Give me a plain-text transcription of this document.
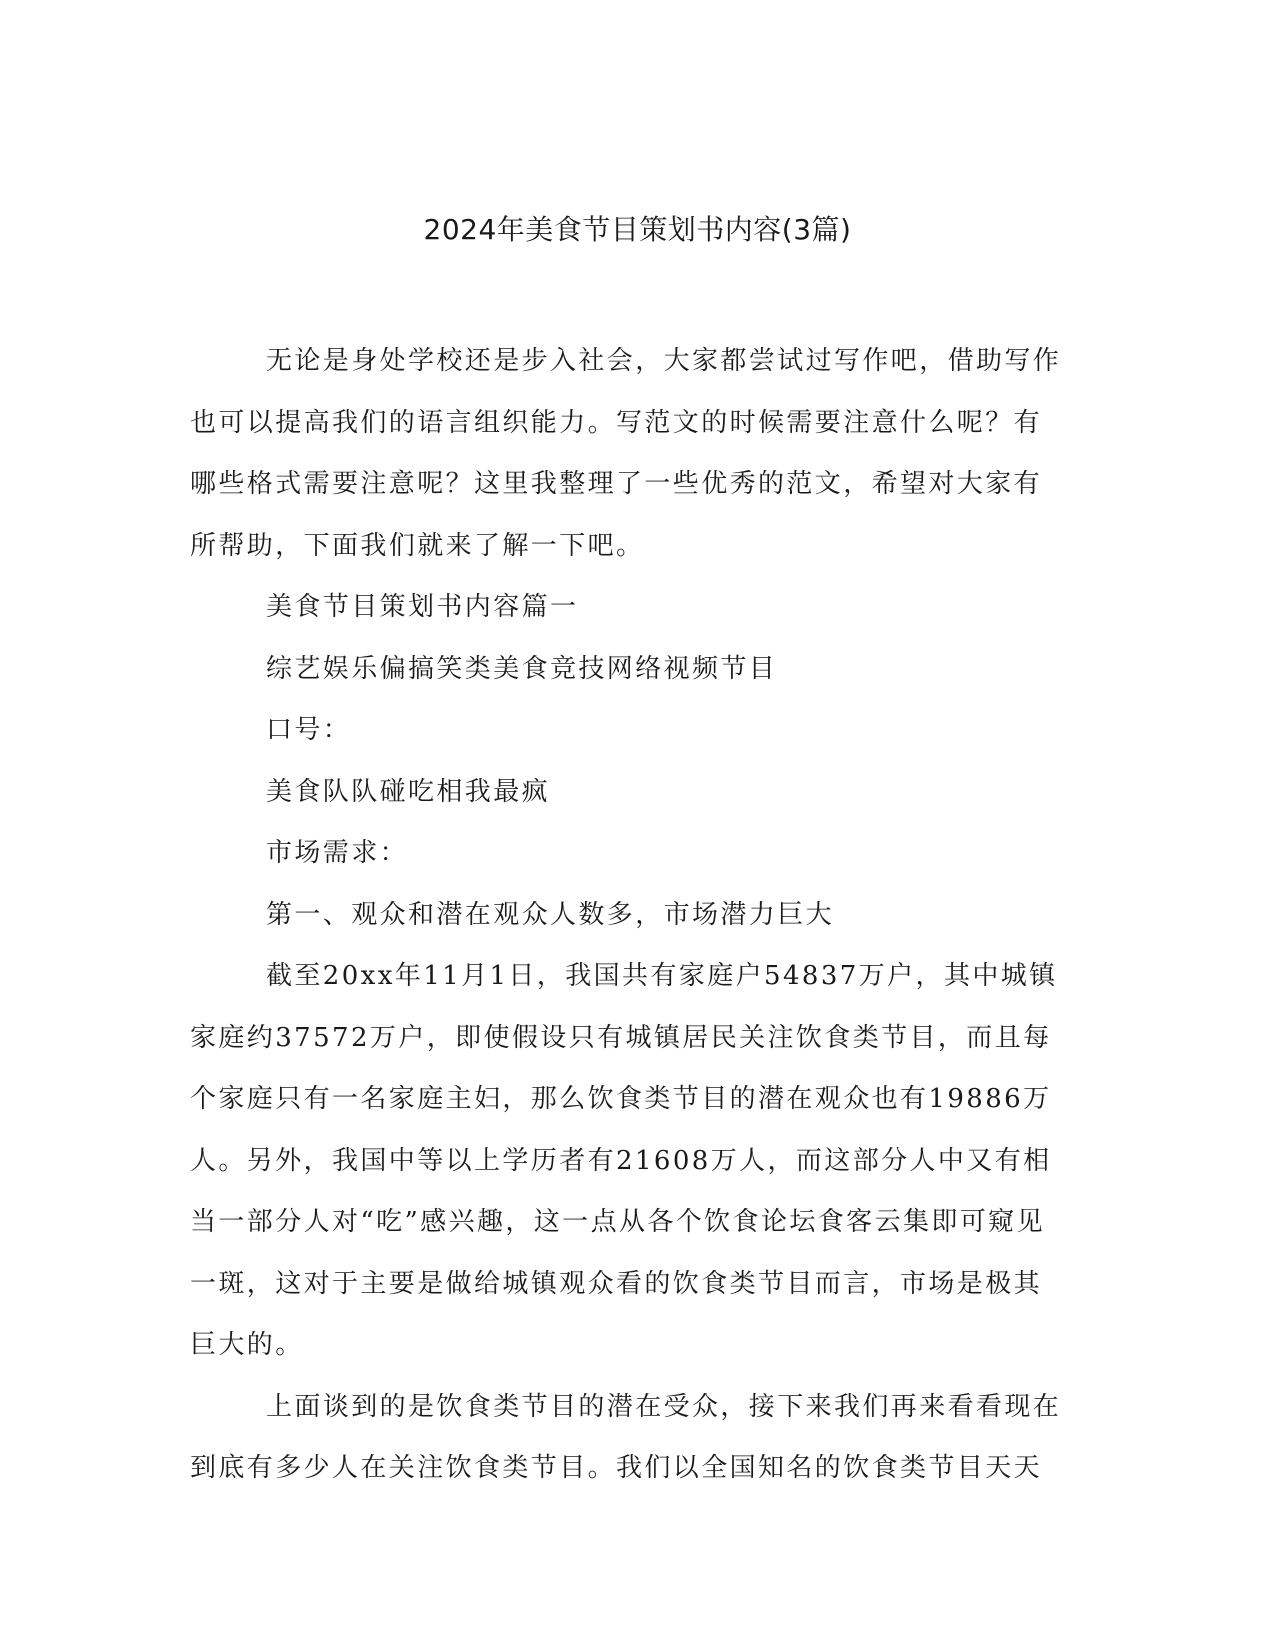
2024年美食节目策划书内容(3篇)
无论是身处学校还是步入社会，大家都尝试过写作吧，借助写作
也可以提高我们的语言组织能力。写范文的时候需要注意什么呢？有
哪些格式需要注意呢？这里我整理了一些优秀的范文，希望对大家有
所帮助，下面我们就来了解一下吧。
美食节目策划书内容篇一
综艺娱乐偏搞笑类美食竞技网络视频节目
口号：
美食队队碰吃相我最疯
市场需求：
第一、观众和潜在观众人数多，市场潜力巨大
截至20xx年11月1日，我国共有家庭户54837万户，其中城镇
家庭约37572万户，即使假设只有城镇居民关注饮食类节目，而且每
个家庭只有一名家庭主妇，那么饮食类节目的潜在观众也有19886万
人。另外，我国中等以上学历者有21608万人，而这部分人中又有相
当一部分人对“吃”感兴趣，这一点从各个饮食论坛食客云集即可窥见
一斑，这对于主要是做给城镇观众看的饮食类节目而言，市场是极其
巨大的。
上面谈到的是饮食类节目的潜在受众，接下来我们再来看看现在
到底有多少人在关注饮食类节目。我们以全国知名的饮食类节目天天
